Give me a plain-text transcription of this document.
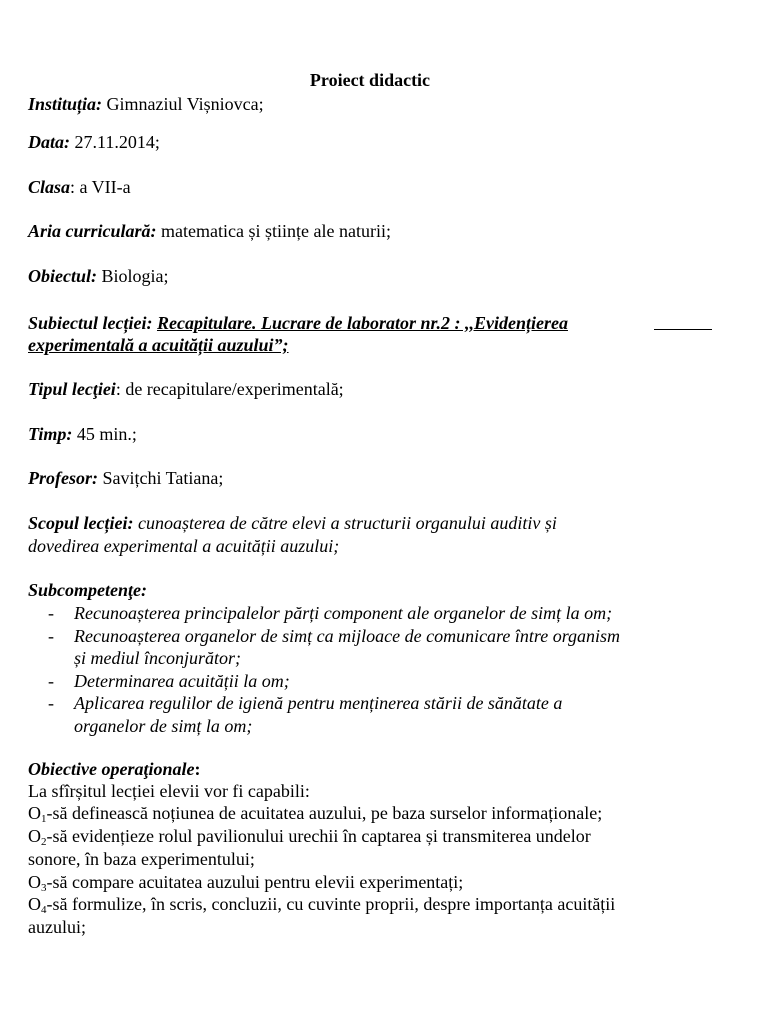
Proiect didactic
Instituția: Gimnaziul Vișniovca;
Data: 27.11.2014;
Clasa: a VII-a
Aria curriculară: matematica și științe ale naturii;
Obiectul: Biologia;
Subiectul lecției: Recapitulare. Lucrare de laborator nr.2 : ,,Evidențierea
experimentală a acuității auzului”;
Tipul lecţiei: de recapitulare/experimentală;
Timp: 45 min.;
Profesor: Savițchi Tatiana;
Scopul lecției: cunoașterea de către elevi a structurii organului auditiv și
dovedirea experimental a acuității auzului;
Subcompetenţe:
- Recunoașterea principalelor părți component ale organelor de simț la om;
- Recunoașterea organelor de simț ca mijloace de comunicare între organism
și mediul înconjurător;
- Determinarea acuității la om;
- Aplicarea regulilor de igienă pentru menținerea stării de sănătate a
organelor de simț la om;
Obiective operaţionale:
La sfîrșitul lecției elevii vor fi capabili:
$O_1-să$ definească noțiunea de acuitatea auzului, pe baza surselor informaționale;
$O_2-să$ evidențieze rolul pavilionului urechii în captarea și transmiterea undelor
sonore, în baza experimentului;
$O_3-să$ compare acuitatea auzului pentru elevii experimentați;
$O_4-să$ formulize, în scris, concluzii, cu cuvinte proprii, despre importanța acuității
auzului;
